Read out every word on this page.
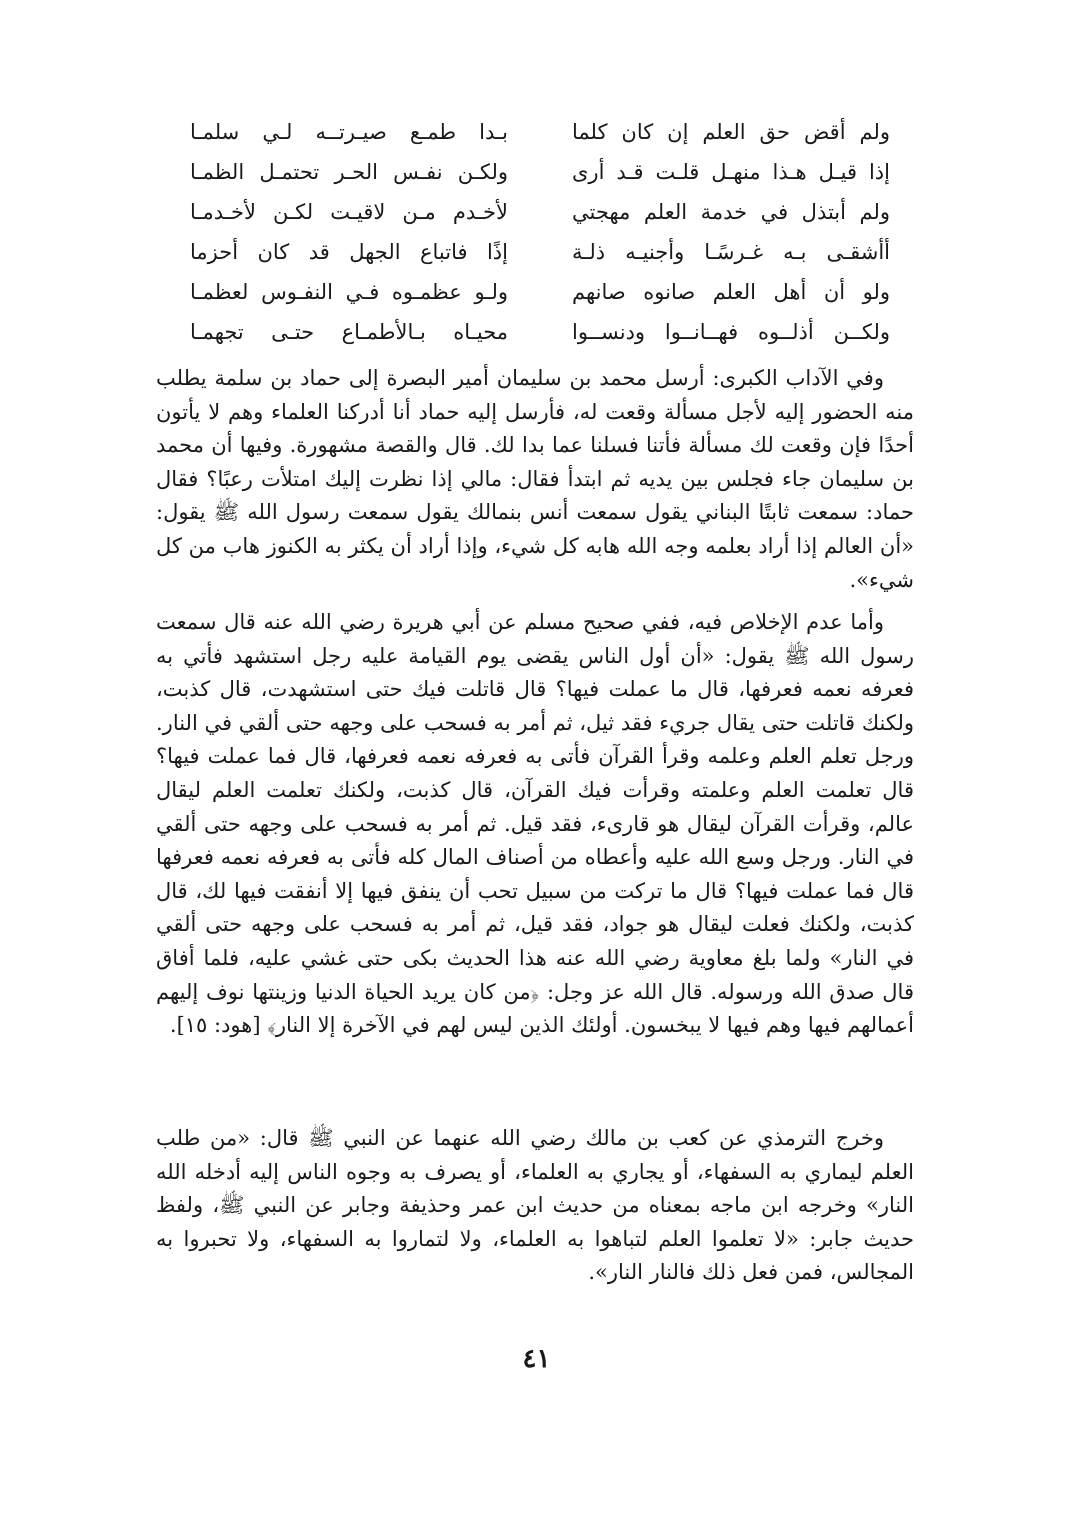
ولم أقض حق العلم إن كان كلما
بـدا طمـع صيـرتــه لـي سلمـا
إذا قيـل هـذا منهـل قلـت قـد أرى
ولكـن نفـس الحـر تحتمـل الظمـا
ولم أبتذل في خدمة العلم مهجتي
لأخـدم مـن لاقيـت لكـن لأخـدمـا
أأشقـى بـه غـرسًـا وأجنيـه ذلـة
إذًا فاتباع الجهل قد كان أحزما
ولو أن أهل العلم صانوه صانهم
ولـو عظمـوه فـي النفـوس لعظمـا
ولكــن أذلــوه فهــانــوا ودنســوا
محيـاه بـالأطمـاع حتـى تجهمـا

وفي الآداب الكبرى: أرسل محمد بن سليمان أمير البصرة إلى حماد بن سلمة يطلب منه الحضور إليه لأجل مسألة وقعت له، فأرسل إليه حماد أنا أدركنا العلماء وهم لا يأتون أحدًا فإن وقعت لك مسألة فأتنا فسلنا عما بدا لك. قال والقصة مشهورة. وفيها أن محمد بن سليمان جاء فجلس بين يديه ثم ابتدأ فقال: مالي إذا نظرت إليك امتلأت رعبًا؟ فقال حماد: سمعت ثابتًا البناني يقول سمعت أنس بنمالك يقول سمعت رسول الله ﷺ يقول: «أن العالم إذا أراد بعلمه وجه الله هابه كل شيء، وإذا أراد أن يكثر به الكنوز هاب من كل شيء».

وأما عدم الإخلاص فيه، ففي صحيح مسلم عن أبي هريرة رضي الله عنه قال سمعت رسول الله ﷺ يقول: «أن أول الناس يقضى يوم القيامة عليه رجل استشهد فأتي به فعرفه نعمه فعرفها، قال ما عملت فيها؟ قال قاتلت فيك حتى استشهدت، قال كذبت، ولكنك قاتلت حتى يقال جريء فقد ثيل، ثم أمر به فسحب على وجهه حتى ألقي في النار. ورجل تعلم العلم وعلمه وقرأ القرآن فأتى به فعرفه نعمه فعرفها، قال فما عملت فيها؟ قال تعلمت العلم وعلمته وقرأت فيك القرآن، قال كذبت، ولكنك تعلمت العلم ليقال عالم، وقرأت القرآن ليقال هو قارىء، فقد قيل. ثم أمر به فسحب على وجهه حتى ألقي في النار. ورجل وسع الله عليه وأعطاه من أصناف المال كله فأتى به فعرفه نعمه فعرفها قال فما عملت فيها؟ قال ما تركت من سبيل تحب أن ينفق فيها إلا أنفقت فيها لك، قال كذبت، ولكنك فعلت ليقال هو جواد، فقد قيل، ثم أمر به فسحب على وجهه حتى ألقي في النار» ولما بلغ معاوية رضي الله عنه هذا الحديث بكى حتى غشي عليه، فلما أفاق قال صدق الله ورسوله. قال الله عز وجل: ﴿من كان يريد الحياة الدنيا وزينتها نوف إليهم أعمالهم فيها وهم فيها لا يبخسون. أولئك الذين ليس لهم في الآخرة إلا النار﴾ [هود: ١٥].

وخرج الترمذي عن كعب بن مالك رضي الله عنهما عن النبي ﷺ قال: «من طلب العلم ليماري به السفهاء، أو يجاري به العلماء، أو يصرف به وجوه الناس إليه أدخله الله النار» وخرجه ابن ماجه بمعناه من حديث ابن عمر وحذيفة وجابر عن النبي ﷺ، ولفظ حديث جابر: «لا تعلموا العلم لتباهوا به العلماء، ولا لتماروا به السفهاء، ولا تحبروا به المجالس، فمن فعل ذلك فالنار النار».

٤١
